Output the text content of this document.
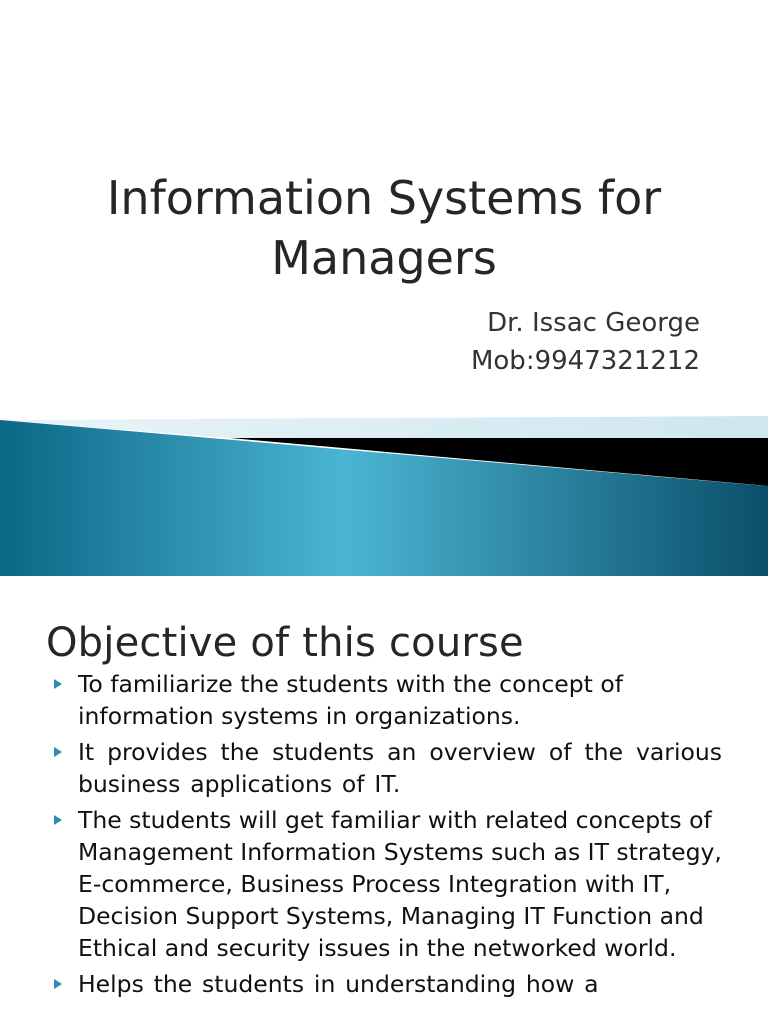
Information Systems for Managers
Dr. Issac George
Mob:9947321212
Objective of this course
To familiarize the students with the concept of information systems in organizations.
It provides the students an overview of the various business applications of IT.
The students will get familiar with related concepts of Management Information Systems such as IT strategy, E-commerce, Business Process Integration with IT, Decision Support Systems, Managing IT Function and Ethical and security issues in the networked world.
Helps the students in understanding how a
